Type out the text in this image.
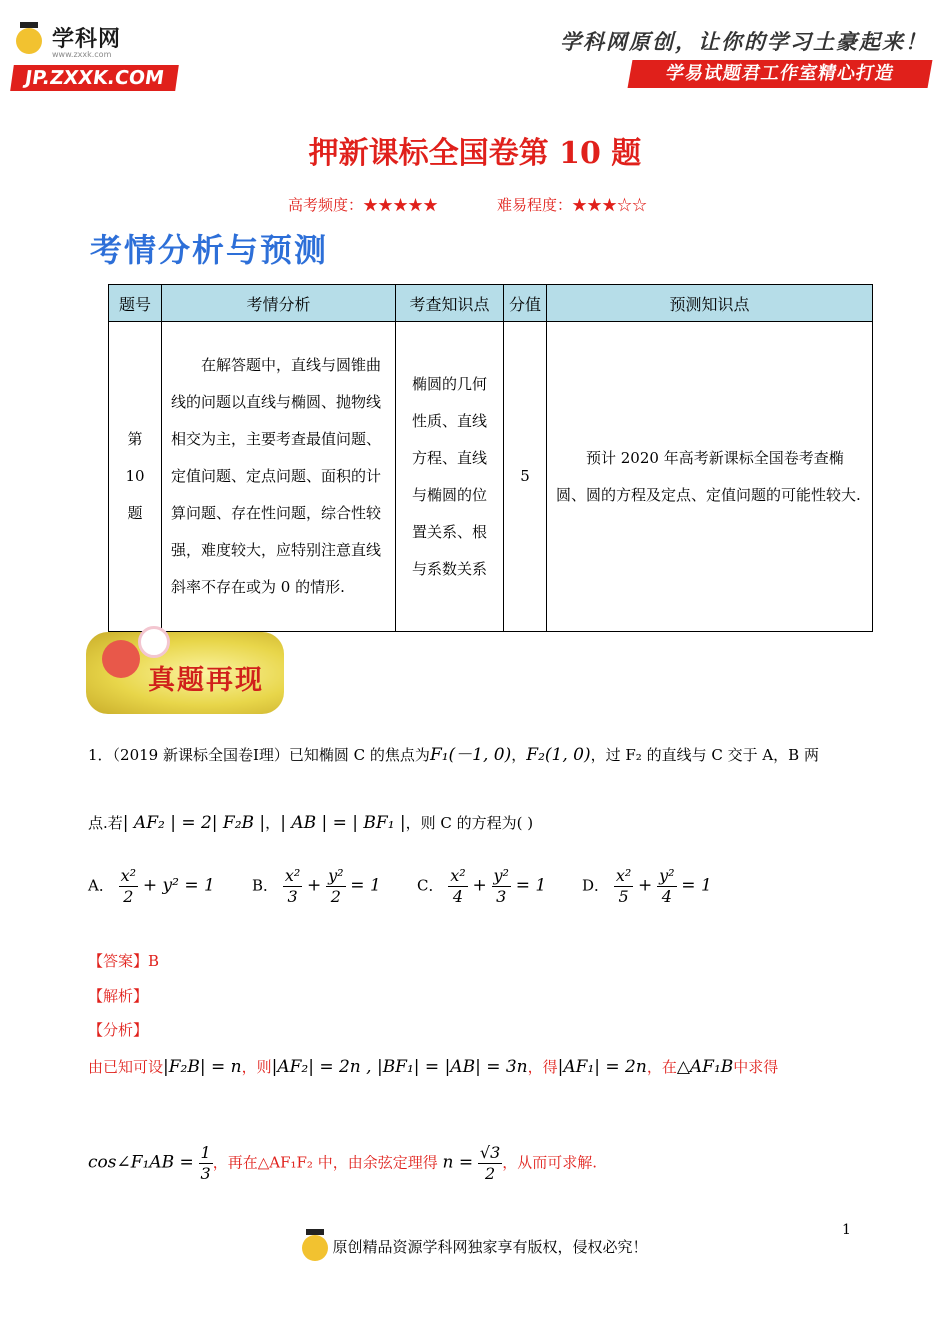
学科网
www.zxxk.com
JP.ZXXK.COM
学科网原创，让你的学习土豪起来！
学易试题君工作室精心打造
押新课标全国卷第 10 题
高考频度：★★★★★	难易程度：★★★☆☆
考情分析与预测
题号	考情分析	考查知识点	分值	预测知识点
第 10 题	在解答题中，直线与圆锥曲线的问题以直线与椭圆、抛物线相交为主，主要考查最值问题、定值问题、定点问题、面积的计算问题、存在性问题，综合性较强，难度较大，应特别注意直线斜率不存在或为 0 的情形.	椭圆的几何性质、直线方程、直线与椭圆的位置关系、根与系数关系	5	预计 2020 年高考新课标全国卷考查椭圆、圆的方程及定点、定值问题的可能性较大.
真题再现
1．（2019 新课标全国卷Ⅰ理）已知椭圆 C 的焦点为F₁(－1, 0)，F₂(1, 0)，过 F₂ 的直线与 C 交于 A，B 两
点.若| AF₂ | = 2| F₂B |，| AB | = | BF₁ |，则 C 的方程为( )
A． $\frac{\text{x²}}{2} + y^2 = 1$ B． $\frac{\text{x²}}{3} + \frac{\text{y²}}{2} = 1$ C． $\frac{\text{x²}}{4} + \frac{\text{y²}}{3} = 1$ D． $\frac{\text{x²}}{5} + \frac{\text{y²}}{4} = 1$
【答案】B
【解析】
【分析】
由已知可设|F₂B| = n，则|AF₂| = 2n , |BF₁| = |AB| = 3n，得|AF₁| = 2n，在△AF₁B中求得
cos∠F₁AB = $\frac{1}{3}$ ，再在△AF₁F₂ 中，由余弦定理得 $n = \frac{√3}{2}$ ，从而可求解.
原创精品资源学科网独家享有版权，侵权必究！
1
